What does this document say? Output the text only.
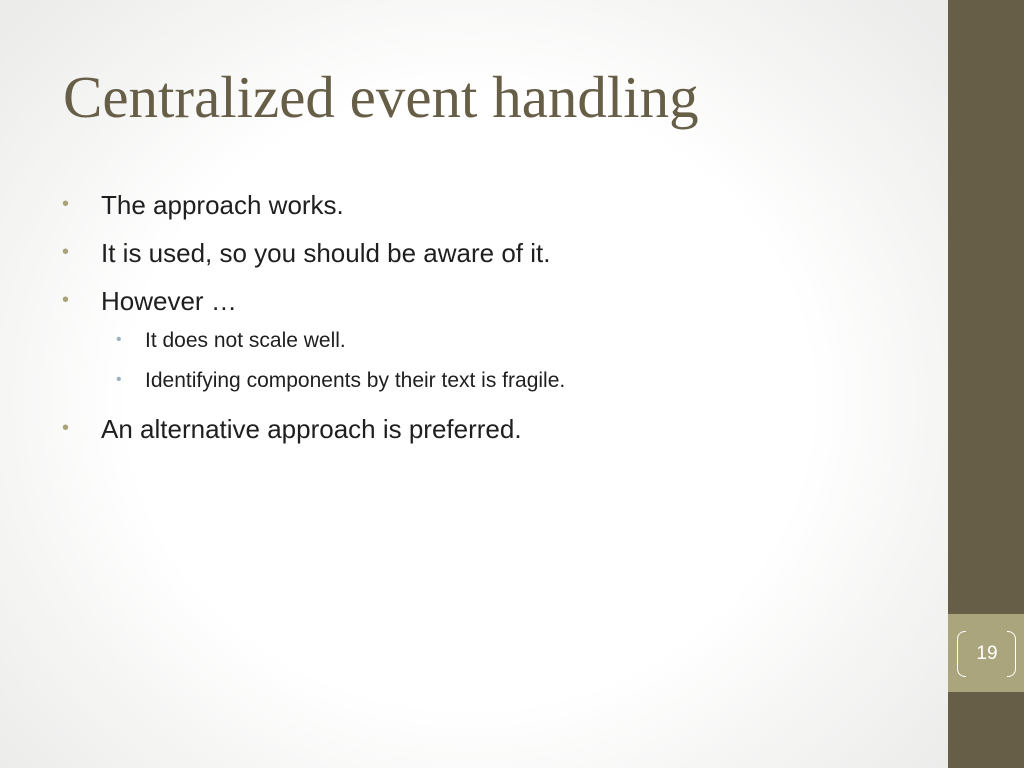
19
Centralized event handling
• The approach works.
• It is used, so you should be aware of it.
• However …
• It does not scale well.
• Identifying components by their text is fragile.
• An alternative approach is preferred.
